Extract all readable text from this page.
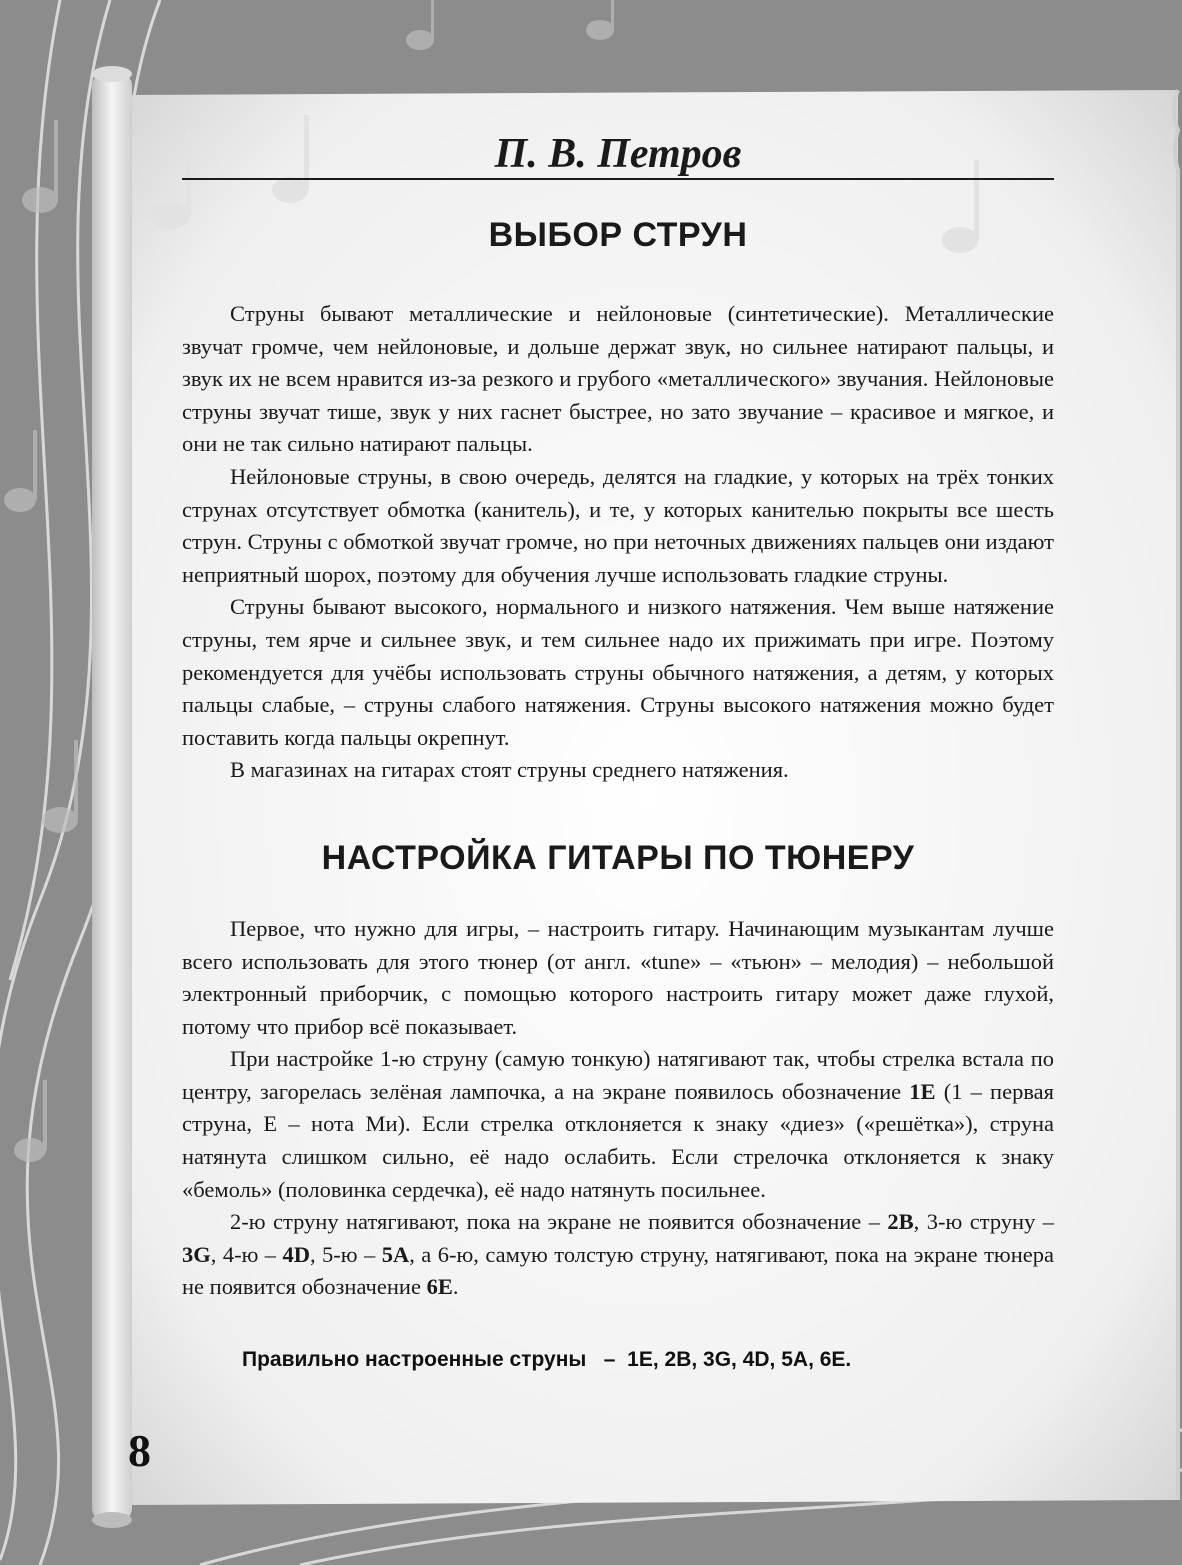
П. В. Петров
ВЫБОР СТРУН

Струны бывают металлические и нейлоновые (синтетические). Металлические звучат громче, чем нейлоновые, и дольше держат звук, но сильнее натирают пальцы, и звук их не всем нравится из-за резкого и грубого «металлического» звучания. Нейлоновые струны звучат тише, звук у них гаснет быстрее, но зато звучание – красивое и мягкое, и они не так сильно натирают пальцы.

Нейлоновые струны, в свою очередь, делятся на гладкие, у которых на трёх тонких струнах отсутствует обмотка (канитель), и те, у которых канителью покрыты все шесть струн. Струны с обмоткой звучат громче, но при неточных движениях пальцев они издают неприятный шорох, поэтому для обучения лучше использовать гладкие струны.

Струны бывают высокого, нормального и низкого натяжения. Чем выше натяжение струны, тем ярче и сильнее звук, и тем сильнее надо их прижимать при игре. Поэтому рекомендуется для учёбы использовать струны обычного натяжения, а детям, у которых пальцы слабые, – струны слабого натяжения. Струны высокого натяжения можно будет поставить когда пальцы окрепнут.

В магазинах на гитарах стоят струны среднего натяжения.

НАСТРОЙКА ГИТАРЫ ПО ТЮНЕРУ

Первое, что нужно для игры, – настроить гитару. Начинающим музыкантам лучше всего использовать для этого тюнер (от англ. «tune» – «тьюн» – мелодия) – небольшой электронный приборчик, с помощью которого настроить гитару может даже глухой, потому что прибор всё показывает.

При настройке 1-ю струну (самую тонкую) натягивают так, чтобы стрелка встала по центру, загорелась зелёная лампочка, а на экране появилось обозначение 1E (1 – первая струна, E – нота Ми). Если стрелка отклоняется к знаку «диез» («решётка»), струна натянута слишком сильно, её надо ослабить. Если стрелочка отклоняется к знаку «бемоль» (половинка сердечка), её надо натянуть посильнее.

2-ю струну натягивают, пока на экране не появится обозначение – 2B, 3-ю струну – 3G, 4-ю – 4D, 5-ю – 5A, а 6-ю, самую толстую струну, натягивают, пока на экране тюнера не появится обозначение 6E.

Правильно настроенные струны   –  1E, 2B, 3G, 4D, 5A, 6E.
8
